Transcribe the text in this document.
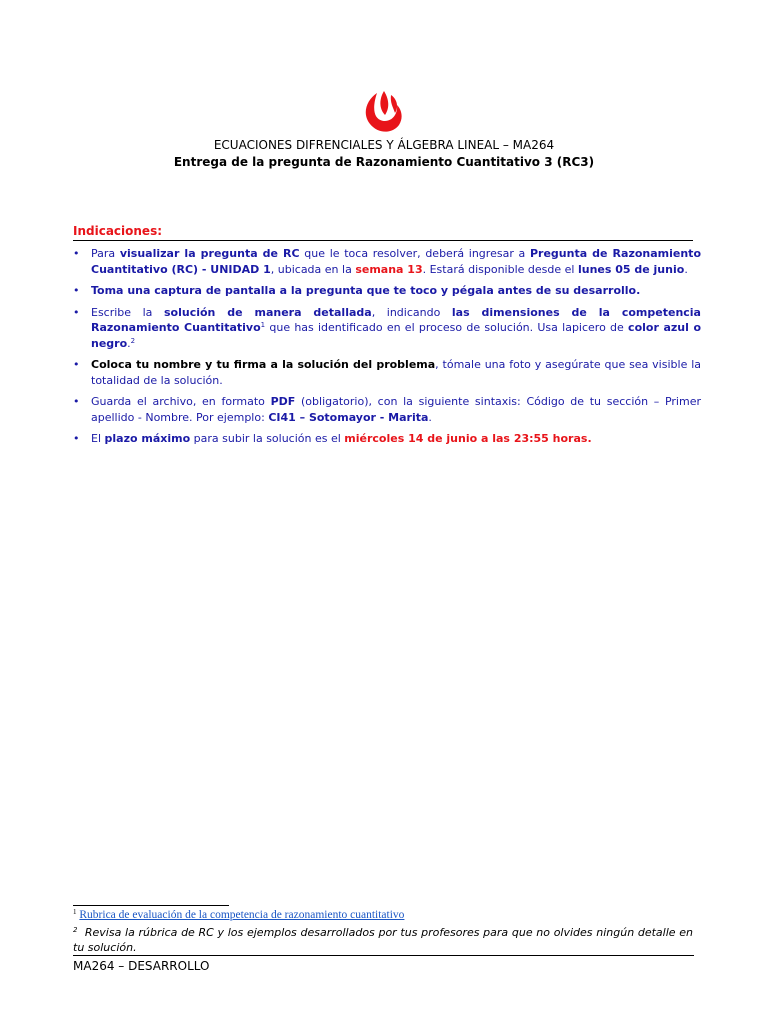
ECUACIONES DIFRENCIALES Y ÁLGEBRA LINEAL – MA264
Entrega de la pregunta de Razonamiento Cuantitativo 3 (RC3)
Indicaciones:
• Para visualizar la pregunta de RC que le toca resolver, deberá ingresar a Pregunta de Razonamiento Cuantitativo (RC) - UNIDAD 1, ubicada en la semana 13. Estará disponible desde el lunes 05 de junio.
• Toma una captura de pantalla a la pregunta que te toco y pégala antes de su desarrollo.
• Escribe la solución de manera detallada, indicando las dimensiones de la competencia Razonamiento Cuantitativo$^1$ que has identificado en el proceso de solución. Usa lapicero de color azul o negro.$^2$
• Coloca tu nombre y tu firma a la solución del problema, tómale una foto y asegúrate que sea visible la totalidad de la solución.
• Guarda el archivo, en formato PDF (obligatorio), con la siguiente sintaxis: Código de tu sección – Primer apellido - Nombre. Por ejemplo: CI41 – Sotomayor - Marita.
• El plazo máximo para subir la solución es el miércoles 14 de junio a las 23:55 horas.
$^1$ Rubrica de evaluación de la competencia de razonamiento cuantitativo
$^2$ Revisa la rúbrica de RC y los ejemplos desarrollados por tus profesores para que no olvides ningún detalle en tu solución.
MA264 – DESARROLLO
